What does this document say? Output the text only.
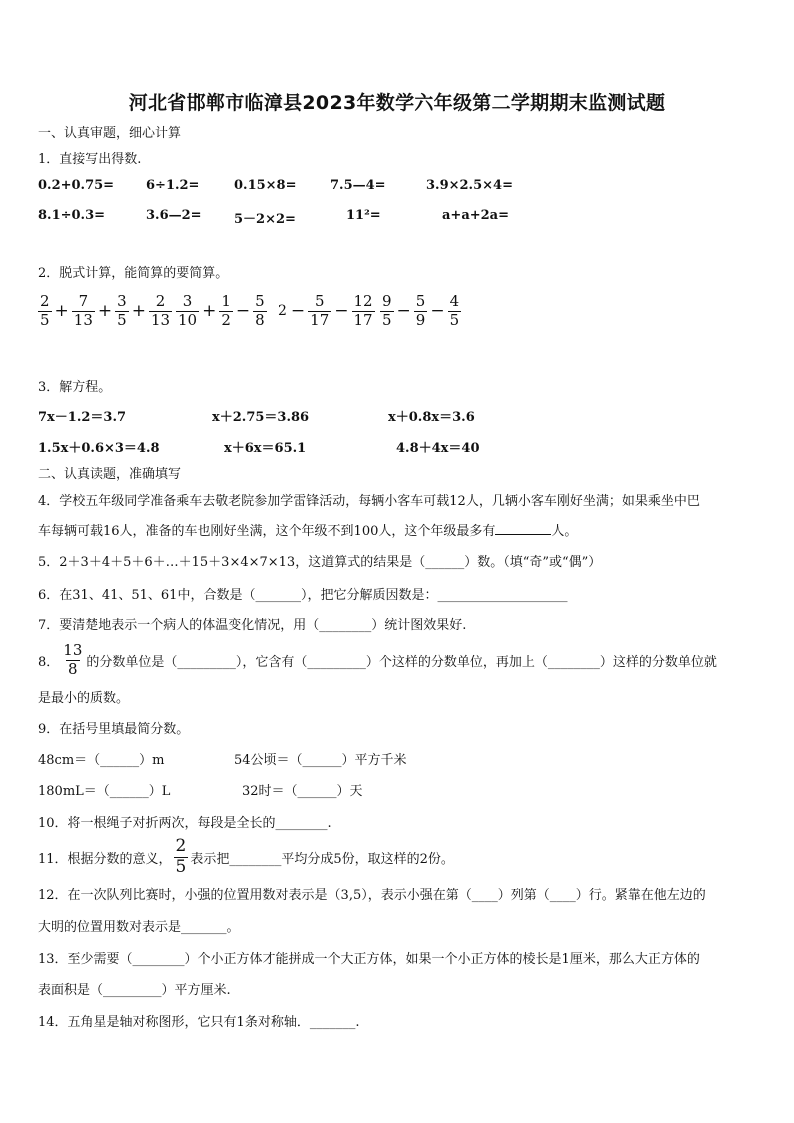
河北省邯郸市临漳县2023年数学六年级第二学期期末监测试题
一、认真审题，细心计算
1．直接写出得数.
0.2+0.75= 6÷1.2=	0.15×8=	7.5—4=	3.9×2.5×4=
8.1÷0.3=	3.6—2= 5－2×2=	11²=	a+a+2a=
2．脱式计算，能简算的要简算。
$\frac{2}{5} + \frac{7}{13} + \frac{3}{5} + \frac{2}{13} \frac{3}{10} + \frac{1}{2} - \frac{5}{8} 2 - \frac{5}{17} - \frac{12}{17} \frac{9}{5} - \frac{5}{9} - \frac{4}{5}$
3．解方程。
7x－1.2＝3.7	x＋2.75＝3.86	x＋0.8x＝3.6
1.5x＋0.6×3＝4.8	x＋6x＝65.1	4.8＋4x＝40
二、认真读题，准确填写
4．学校五年级同学准备乘车去敬老院参加学雷锋活动，每辆小客车可载12人，几辆小客车刚好坐满；如果乘坐中巴
车每辆可载16人，准备的车也刚好坐满，这个年级不到100人，这个年级最多有	人。
5．2＋3＋4＋5＋6＋…＋15＋3×4×7×13，这道算式的结果是（______）数。（填“奇”或“偶”）
6．在31、41、51、61中，合数是（_______），把它分解质因数是：____________________
7．要清楚地表示一个病人的体温变化情况，用（________）统计图效果好.
8． $\frac{13}{8}$ 的分数单位是（_________），它含有（_________）个这样的分数单位，再加上（________）这样的分数单位就
是最小的质数。
9．在括号里填最简分数。
48cm＝（______）m	54公顷＝（______）平方千米
180mL＝（______）L	32时＝（______）天
10．将一根绳子对折两次，每段是全长的________.
11．根据分数的意义， $\frac{2}{5}$ 表示把________平均分成5份，取这样的2份。
12．在一次队列比赛时，小强的位置用数对表示是（3,5），表示小强在第（____）列第（____）行。紧靠在他左边的
大明的位置用数对表示是_______。
13．至少需要（________）个小正方体才能拼成一个大正方体，如果一个小正方体的棱长是1厘米，那么大正方体的
表面积是（_________）平方厘米.
14．五角星是轴对称图形，它只有1条对称轴．_______.
